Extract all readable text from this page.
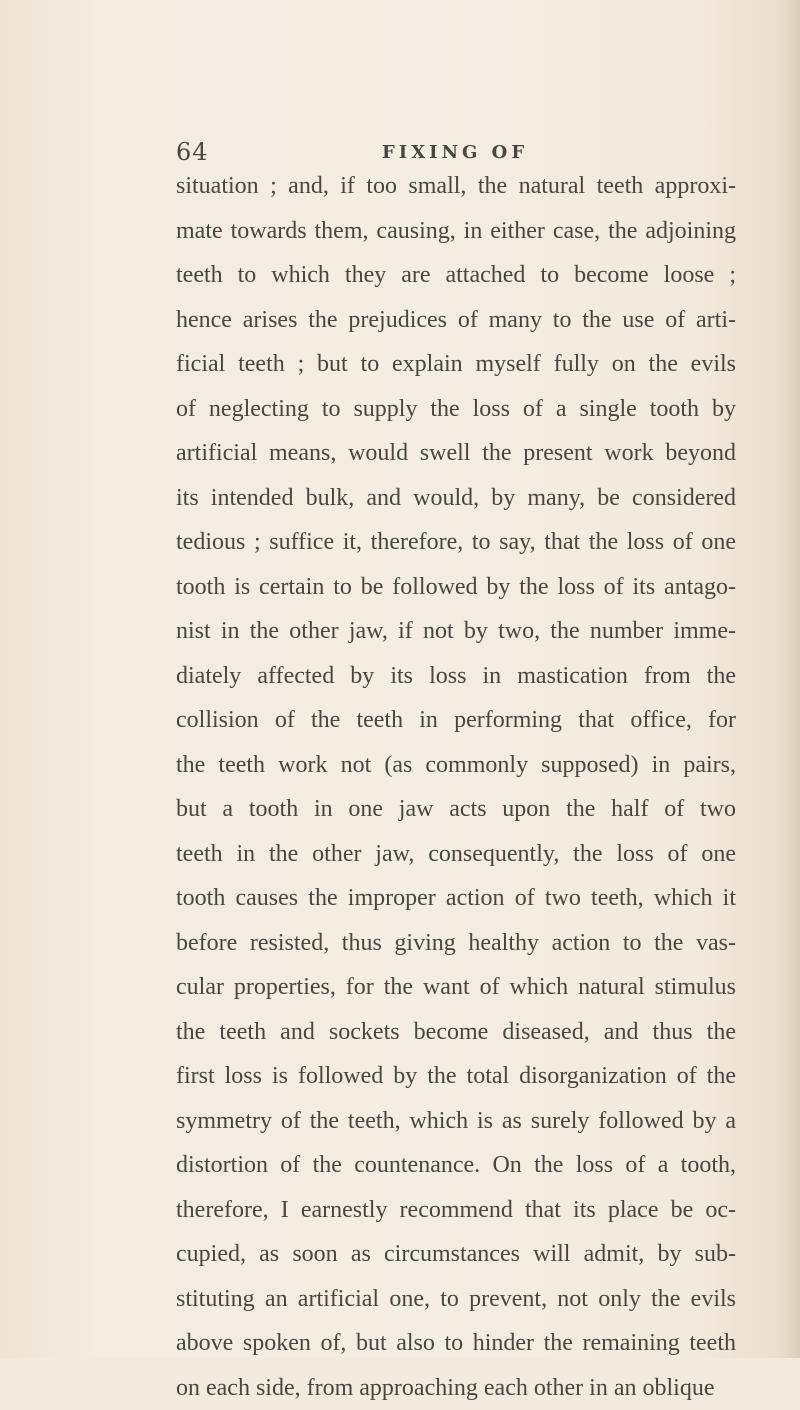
64	FIXING OF
situation ; and, if too small, the natural teeth approxi-
mate towards them, causing, in either case, the adjoining
teeth to which they are attached to become loose ;
hence arises the prejudices of many to the use of arti-
ficial teeth ; but to explain myself fully on the evils
of neglecting to supply the loss of a single tooth by
artificial means, would swell the present work beyond
its intended bulk, and would, by many, be considered
tedious ; suffice it, therefore, to say, that the loss of one
tooth is certain to be followed by the loss of its antago-
nist in the other jaw, if not by two, the number imme-
diately affected by its loss in mastication from the
collision of the teeth in performing that office, for
the teeth work not (as commonly supposed) in pairs,
but a tooth in one jaw acts upon the half of two
teeth in the other jaw, consequently, the loss of one
tooth causes the improper action of two teeth, which it
before resisted, thus giving healthy action to the vas-
cular properties, for the want of which natural stimulus
the teeth and sockets become diseased, and thus the
first loss is followed by the total disorganization of the
symmetry of the teeth, which is as surely followed by a
distortion of the countenance. On the loss of a tooth,
therefore, I earnestly recommend that its place be oc-
cupied, as soon as circumstances will admit, by sub-
stituting an artificial one, to prevent, not only the evils
above spoken of, but also to hinder the remaining teeth
on each side, from approaching each other in an oblique
